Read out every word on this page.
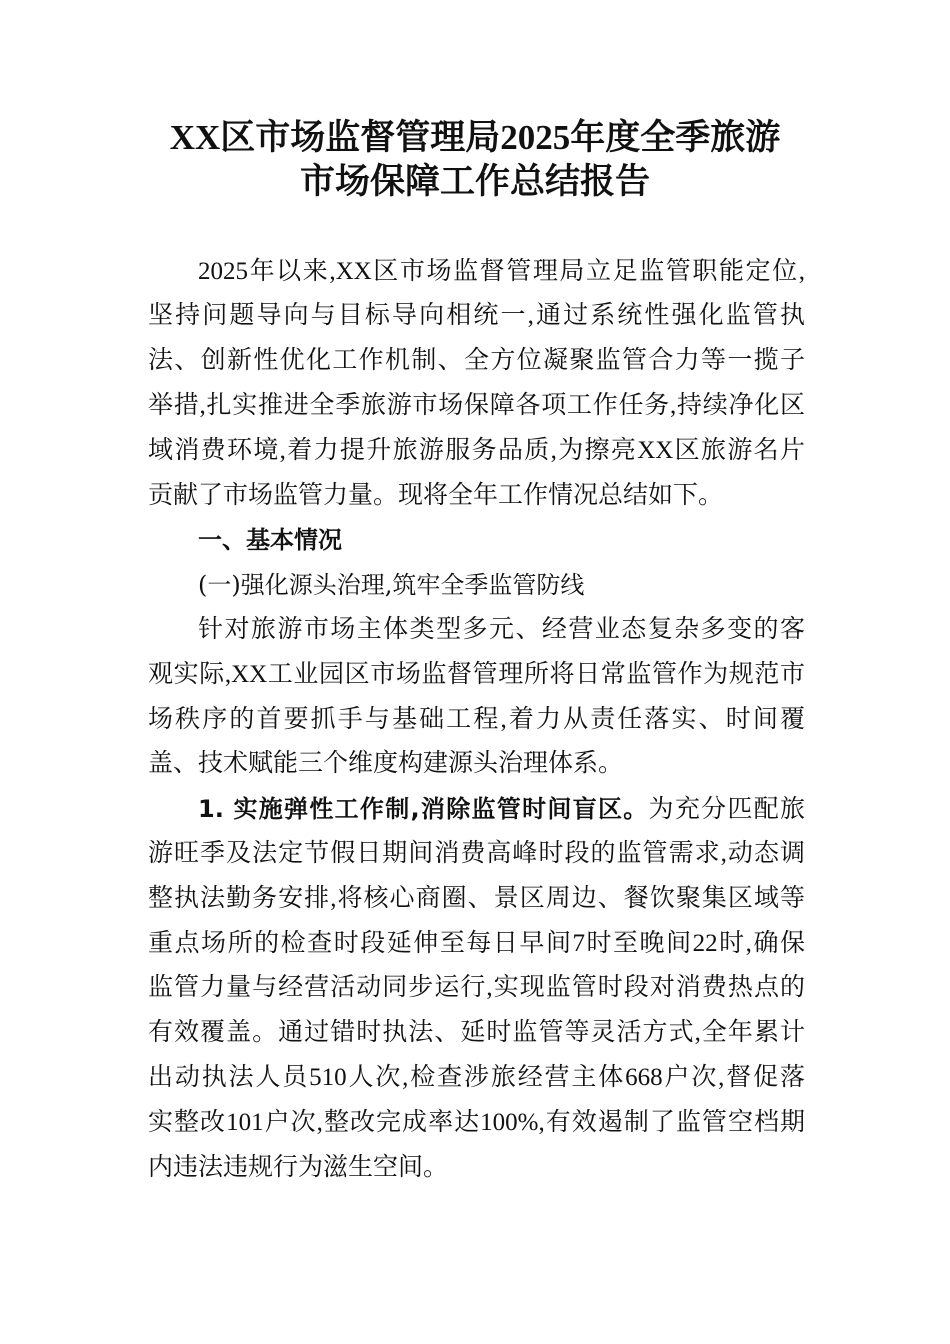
XX区市场监督管理局2025年度全季旅游
市场保障工作总结报告
2025年以来,XX区市场监督管理局立足监管职能定位,
坚持问题导向与目标导向相统一,通过系统性强化监管执
法、创新性优化工作机制、全方位凝聚监管合力等一揽子
举措,扎实推进全季旅游市场保障各项工作任务,持续净化区
域消费环境,着力提升旅游服务品质,为擦亮XX区旅游名片
贡献了市场监管力量。现将全年工作情况总结如下。
一、基本情况
(一)强化源头治理,筑牢全季监管防线
针对旅游市场主体类型多元、经营业态复杂多变的客
观实际,XX工业园区市场监督管理所将日常监管作为规范市
场秩序的首要抓手与基础工程,着力从责任落实、时间覆
盖、技术赋能三个维度构建源头治理体系。
1. 实施弹性工作制,消除监管时间盲区。为充分匹配旅
游旺季及法定节假日期间消费高峰时段的监管需求,动态调
整执法勤务安排,将核心商圈、景区周边、餐饮聚集区域等
重点场所的检查时段延伸至每日早间7时至晚间22时,确保
监管力量与经营活动同步运行,实现监管时段对消费热点的
有效覆盖。通过错时执法、延时监管等灵活方式,全年累计
出动执法人员510人次,检查涉旅经营主体668户次,督促落
实整改101户次,整改完成率达100%,有效遏制了监管空档期
内违法违规行为滋生空间。
